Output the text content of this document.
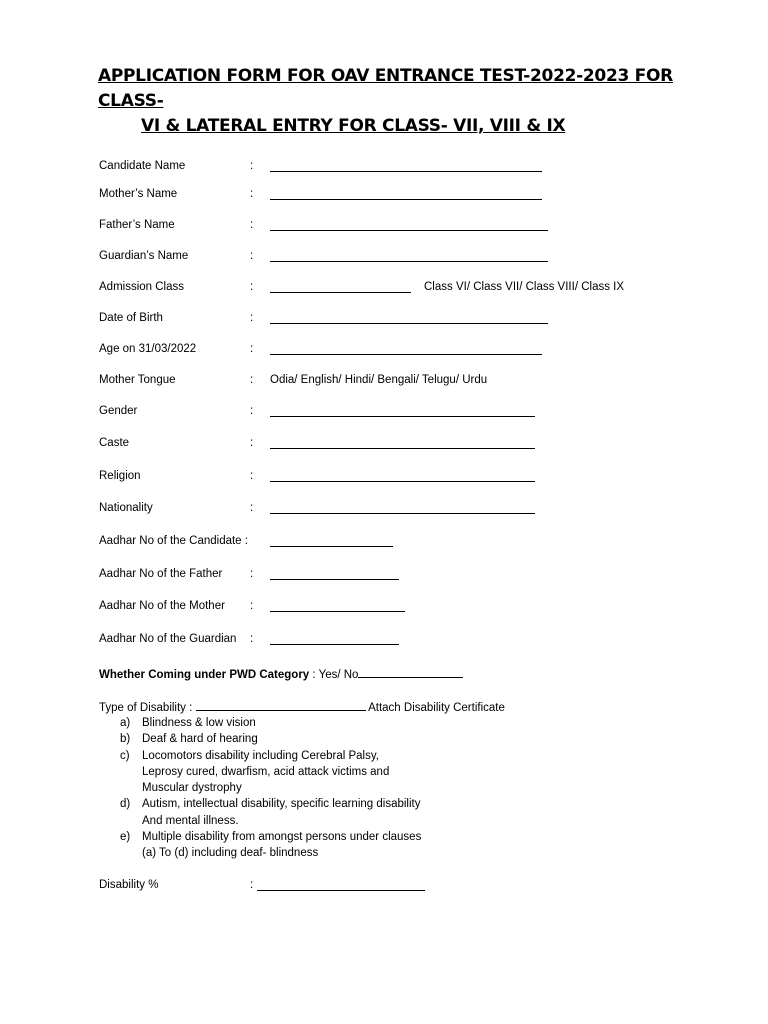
APPLICATION FORM FOR OAV ENTRANCE TEST-2022-2023 FOR CLASS-
VI & LATERAL ENTRY FOR CLASS- VII, VIII & IX
Candidate Name	:
Mother’s Name	:
Father’s Name	:
Guardian’s Name	:
Admission Class	:	Class VI/ Class VII/ Class VIII/ Class IX
Date of Birth	:
Age on 31/03/2022	:
Mother Tongue	: Odia/ English/ Hindi/ Bengali/ Telugu/ Urdu
Gender	:
Caste	:
Religion	:
Nationality	:
Aadhar No of the Candidate :
Aadhar No of the Father :
Aadhar No of the Mother :
Aadhar No of the Guardian :
Whether Coming under PWD Category : Yes/ No
Type of Disability :	Attach Disability Certificate
a) Blindness & low vision
b) Deaf & hard of hearing
c) Locomotors disability including Cerebral Palsy,
Leprosy cured, dwarfism, acid attack victims and
Muscular dystrophy
d) Autism, intellectual disability, specific learning disability
And mental illness.
e) Multiple disability from amongst persons under clauses
(a) To (d) including deaf- blindness
Disability %	:
